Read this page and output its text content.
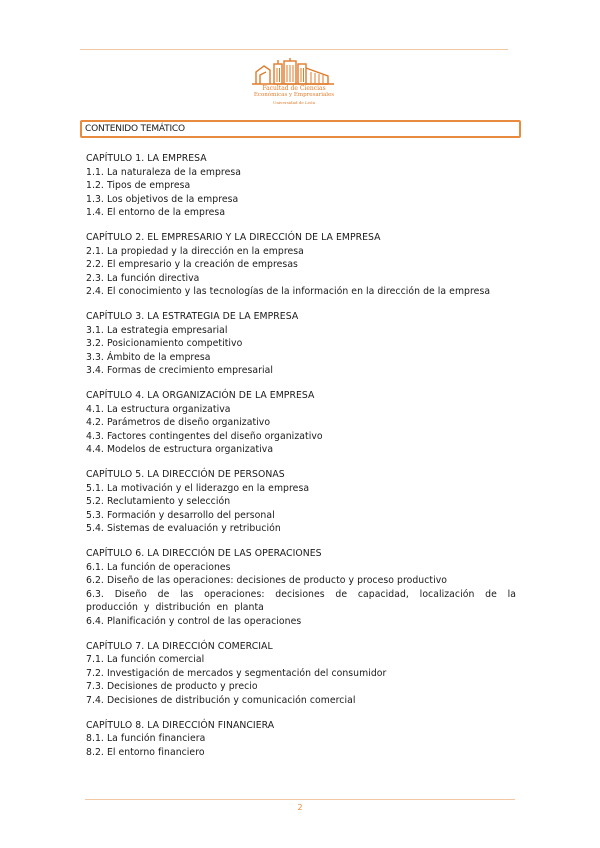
Facultad de Ciencias
Económicas y Empresariales
Universidad de León
CONTENIDO TEMÁTICO
CAPÍTULO 1. LA EMPRESA
1.1. La naturaleza de la empresa
1.2. Tipos de empresa
1.3. Los objetivos de la empresa
1.4. El entorno de la empresa
CAPÍTULO 2. EL EMPRESARIO Y LA DIRECCIÓN DE LA EMPRESA
2.1. La propiedad y la dirección en la empresa
2.2. El empresario y la creación de empresas
2.3. La función directiva
2.4. El conocimiento y las tecnologías de la información en la dirección de la empresa
CAPÍTULO 3. LA ESTRATEGIA DE LA EMPRESA
3.1. La estrategia empresarial
3.2. Posicionamiento competitivo
3.3. Ámbito de la empresa
3.4. Formas de crecimiento empresarial
CAPÍTULO 4. LA ORGANIZACIÓN DE LA EMPRESA
4.1. La estructura organizativa
4.2. Parámetros de diseño organizativo
4.3. Factores contingentes del diseño organizativo
4.4. Modelos de estructura organizativa
CAPÍTULO 5. LA DIRECCIÓN DE PERSONAS
5.1. La motivación y el liderazgo en la empresa
5.2. Reclutamiento y selección
5.3. Formación y desarrollo del personal
5.4. Sistemas de evaluación y retribución
CAPÍTULO 6. LA DIRECCIÓN DE LAS OPERACIONES
6.1. La función de operaciones
6.2. Diseño de las operaciones: decisiones de producto y proceso productivo
6.3. Diseño de las operaciones: decisiones de capacidad, localización de la producción y distribución en planta
6.4. Planificación y control de las operaciones
CAPÍTULO 7. LA DIRECCIÓN COMERCIAL
7.1. La función comercial
7.2. Investigación de mercados y segmentación del consumidor
7.3. Decisiones de producto y precio
7.4. Decisiones de distribución y comunicación comercial
CAPÍTULO 8. LA DIRECCIÓN FINANCIERA
8.1. La función financiera
8.2. El entorno financiero
2
